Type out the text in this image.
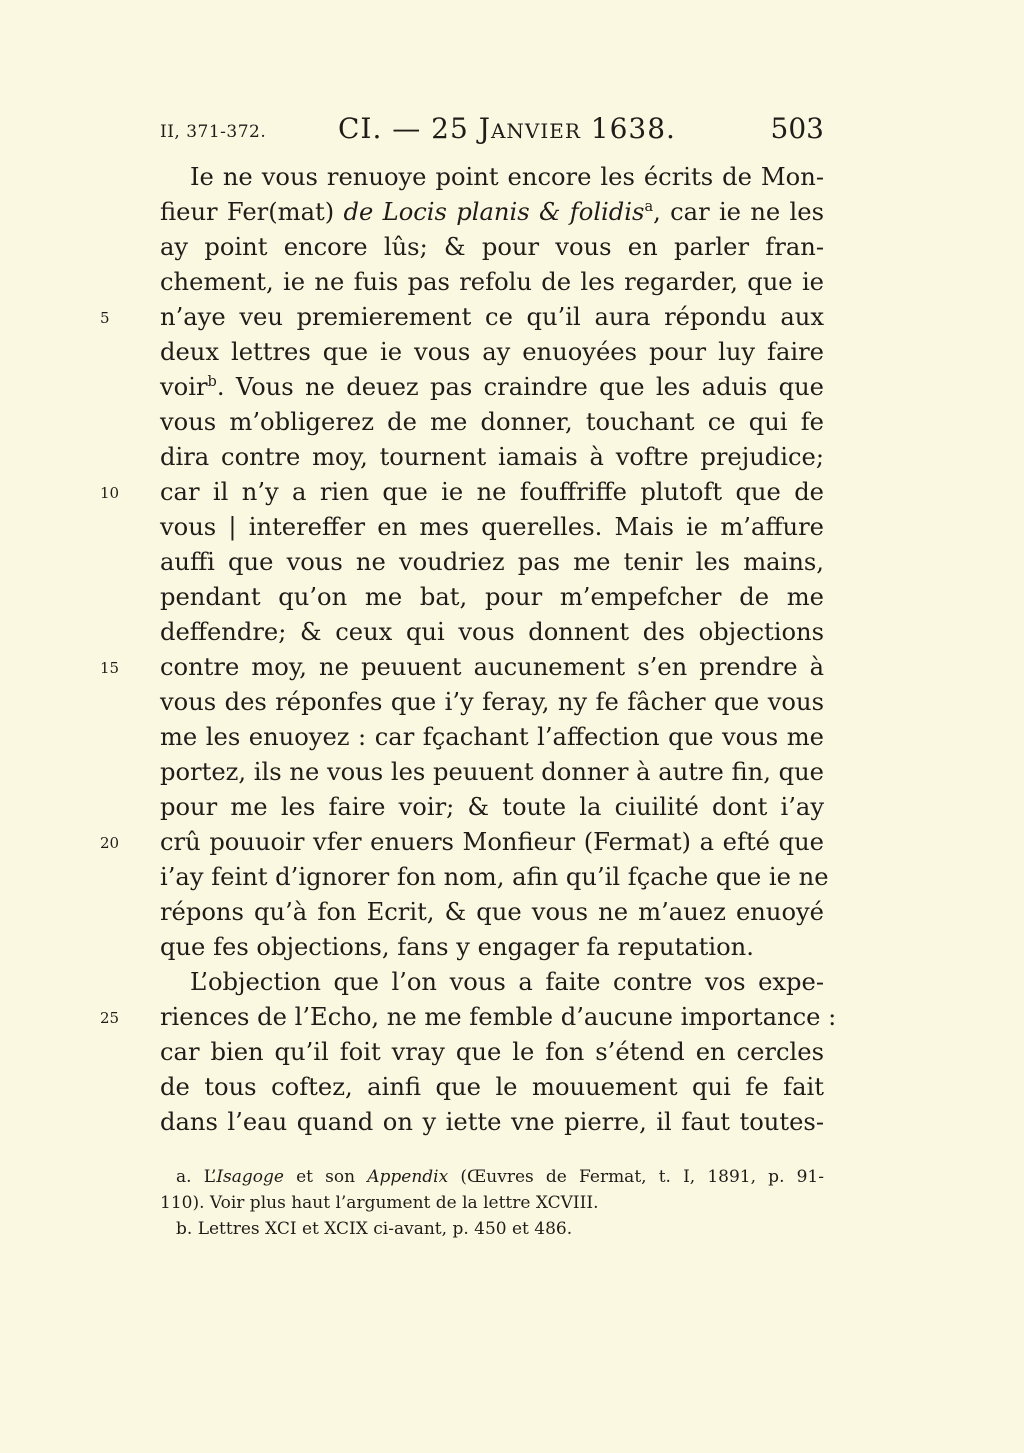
II, 371-372.	CI. — 25 Janvier 1638.	503
Ie ne vous renuoye point encore les écrits de Mon-
fieur Fer(mat) de Locis planis & folidis$^a$, car ie ne les
ay point encore lûs; & pour vous en parler fran-
chement, ie ne fuis pas refolu de les regarder, que ie
5	n’aye veu premierement ce qu’il aura répondu aux
deux lettres que ie vous ay enuoyées pour luy faire
voir$^b$. Vous ne deuez pas craindre que les aduis que
vous m’obligerez de me donner, touchant ce qui fe
dira contre moy, tournent iamais à voftre prejudice;
10 car il n’y a rien que ie ne fouffriffe plutoft que de
vous | intereffer en mes querelles. Mais ie m’affure
auffi que vous ne voudriez pas me tenir les mains,
pendant qu’on me bat, pour m’empefcher de me
deffendre; & ceux qui vous donnent des objections
15 contre moy, ne peuuent aucunement s’en prendre à
vous des réponfes que i’y feray, ny fe fâcher que vous
me les enuoyez : car fçachant l’affection que vous me
portez, ils ne vous les peuuent donner à autre fin, que
pour me les faire voir; & toute la ciuilité dont i’ay
20 crû pouuoir vfer enuers Monfieur (Fermat) a efté que
i’ay feint d’ignorer fon nom, afin qu’il fçache que ie ne
répons qu’à fon Ecrit, & que vous ne m’auez enuoyé
que fes objections, fans y engager fa reputation.
L’objection que l’on vous a faite contre vos expe-
25 riences de l’Echo, ne me femble d’aucune importance :
car bien qu’il foit vray que le fon s’étend en cercles
de tous coftez, ainfi que le mouuement qui fe fait
dans l’eau quand on y iette vne pierre, il faut toutes-
a. L’Isagoge et son Appendix (Œuvres de Fermat, t. I, 1891, p. 91-
110). Voir plus haut l’argument de la lettre XCVIII.
b. Lettres XCI et XCIX ci-avant, p. 450 et 486.
